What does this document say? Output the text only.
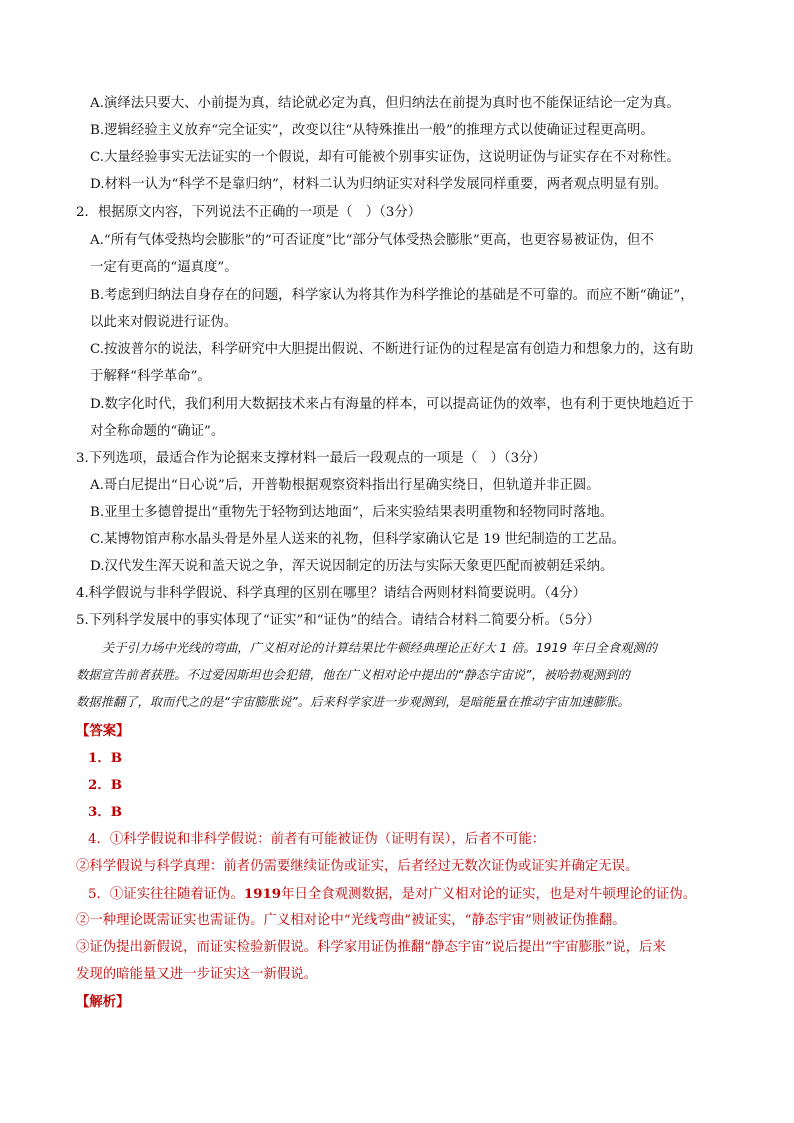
A.演绎法只要大、小前提为真，结论就必定为真，但归纳法在前提为真时也不能保证结论一定为真。
B.逻辑经验主义放弃“完全证实”，改变以往“从特殊推出一般”的推理方式以使确证过程更高明。
C.大量经验事实无法证实的一个假说，却有可能被个别事实证伪，这说明证伪与证实存在不对称性。
D.材料一认为“科学不是靠归纳”，材料二认为归纳证实对科学发展同样重要，两者观点明显有别。
2．根据原文内容，下列说法不正确的一项是（　）（3分）
A.“所有气体受热均会膨胀”的“可否证度”比“部分气体受热会膨胀”更高，也更容易被证伪，但不
一定有更高的“逼真度”。
B.考虑到归纳法自身存在的问题，科学家认为将其作为科学推论的基础是不可靠的。而应不断“确证”，
以此来对假说进行证伪。
C.按波普尔的说法，科学研究中大胆提出假说、不断进行证伪的过程是富有创造力和想象力的，这有助
于解释“科学革命”。
D.数字化时代，我们利用大数据技术来占有海量的样本，可以提高证伪的效率，也有利于更快地趋近于
对全称命题的“确证”。
3.下列选项，最适合作为论据来支撑材料一最后一段观点的一项是（　）（3分）
A.哥白尼提出“日心说”后，开普勒根据观察资料指出行星确实绕日，但轨道并非正圆。
B.亚里士多德曾提出“重物先于轻物到达地面”，后来实验结果表明重物和轻物同时落地。
C.某博物馆声称水晶头骨是外星人送来的礼物，但科学家确认它是 19 世纪制造的工艺品。
D.汉代发生浑天说和盖天说之争，浑天说因制定的历法与实际天象更匹配而被朝廷采纳。
4.科学假说与非科学假说、科学真理的区别在哪里？请结合两则材料简要说明。（4分）
5.下列科学发展中的事实体现了“证实”和“证伪”的结合。请结合材料二简要分析。（5分）
关于引力场中光线的弯曲，广义相对论的计算结果比牛顿经典理论正好大 1 倍。1919 年日全食观测的
数据宣告前者获胜。不过爱因斯坦也会犯错，他在广义相对论中提出的“静态宇宙说”，被哈勃观测到的
数据推翻了，取而代之的是“宇宙膨胀说”。后来科学家进一步观测到，是暗能量在推动宇宙加速膨胀。
【答案】
1．B
2．B
3．B
4．①科学假说和非科学假说：前者有可能被证伪（证明有误），后者不可能：
②科学假说与科学真理：前者仍需要继续证伪或证实，后者经过无数次证伪或证实并确定无误。
5．①证实往往随着证伪。1919年日全食观测数据，是对广义相对论的证实，也是对牛顿理论的证伪。
②一种理论既需证实也需证伪。广义相对论中“光线弯曲”被证实，“静态宇宙”则被证伪推翻。
③证伪提出新假说，而证实检验新假说。科学家用证伪推翻“静态宇宙”说后提出“宇宙膨胀”说，后来
发现的暗能量又进一步证实这一新假说。
【解析】
